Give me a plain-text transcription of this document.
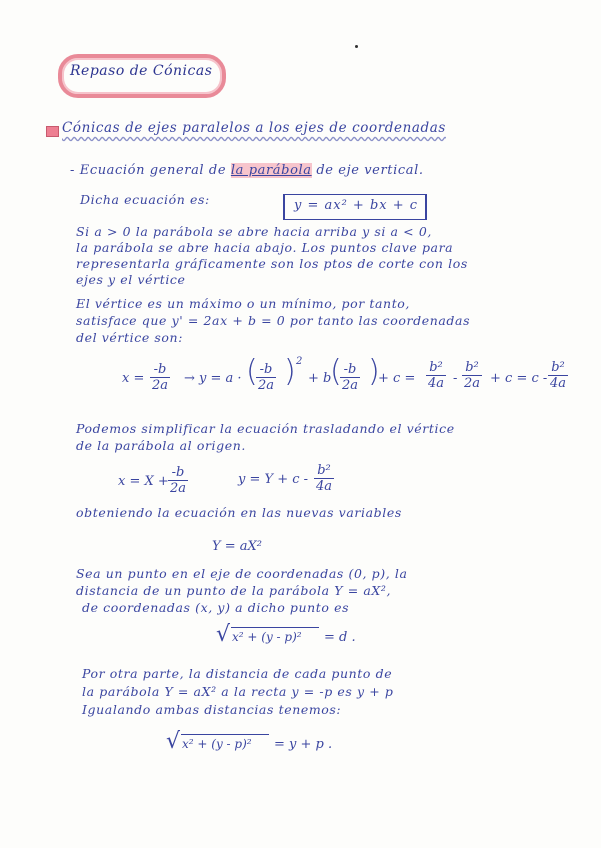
Repaso de Cónicas
Cónicas de ejes paralelos a los ejes de coordenadas
- Ecuación general de la parábola de eje vertical.
Dicha ecuación es:	y = ax² + bx + c
Si a > 0 la parábola se abre hacia arriba y si a < 0,
la parábola se abre hacia abajo. Los puntos clave para
representarla gráficamente son los ptos de corte con los
ejes y el vértice
El vértice es un máximo o un mínimo, por tanto,
satisface que y' = 2ax + b = 0 por tanto las coordenadas
del vértice son:
$x = \frac{-b}{2a} \to y = a$ · (
$\frac{-b}{2a}$ ) 2
+ b
(
$\frac{-b}{2a}$ )
+ $c = \frac{\text{b²}}{4a} - \frac{\text{b²}}{2a} + c = c - \frac{\text{b²}}{4a}$
Podemos simplificar la ecuación trasladando el vértice
de la parábola al origen.
$x = X + \frac{-b}{2a}$	$y = Y + c - \frac{\text{b²}}{4a}$
obteniendo la ecuación en las nuevas variables
Y = aX²
Sea un punto en el eje de coordenadas (0, p), la
distancia de un punto de la parábola Y = aX²,
de coordenadas (x, y) a dicho punto es
√ x² + (y - p)² = d .
Por otra parte, la distancia de cada punto de
la parábola Y = aX² a la recta y = -p es y + p
Igualando ambas distancias tenemos:
√ x² + (y - p)² = y + p .
